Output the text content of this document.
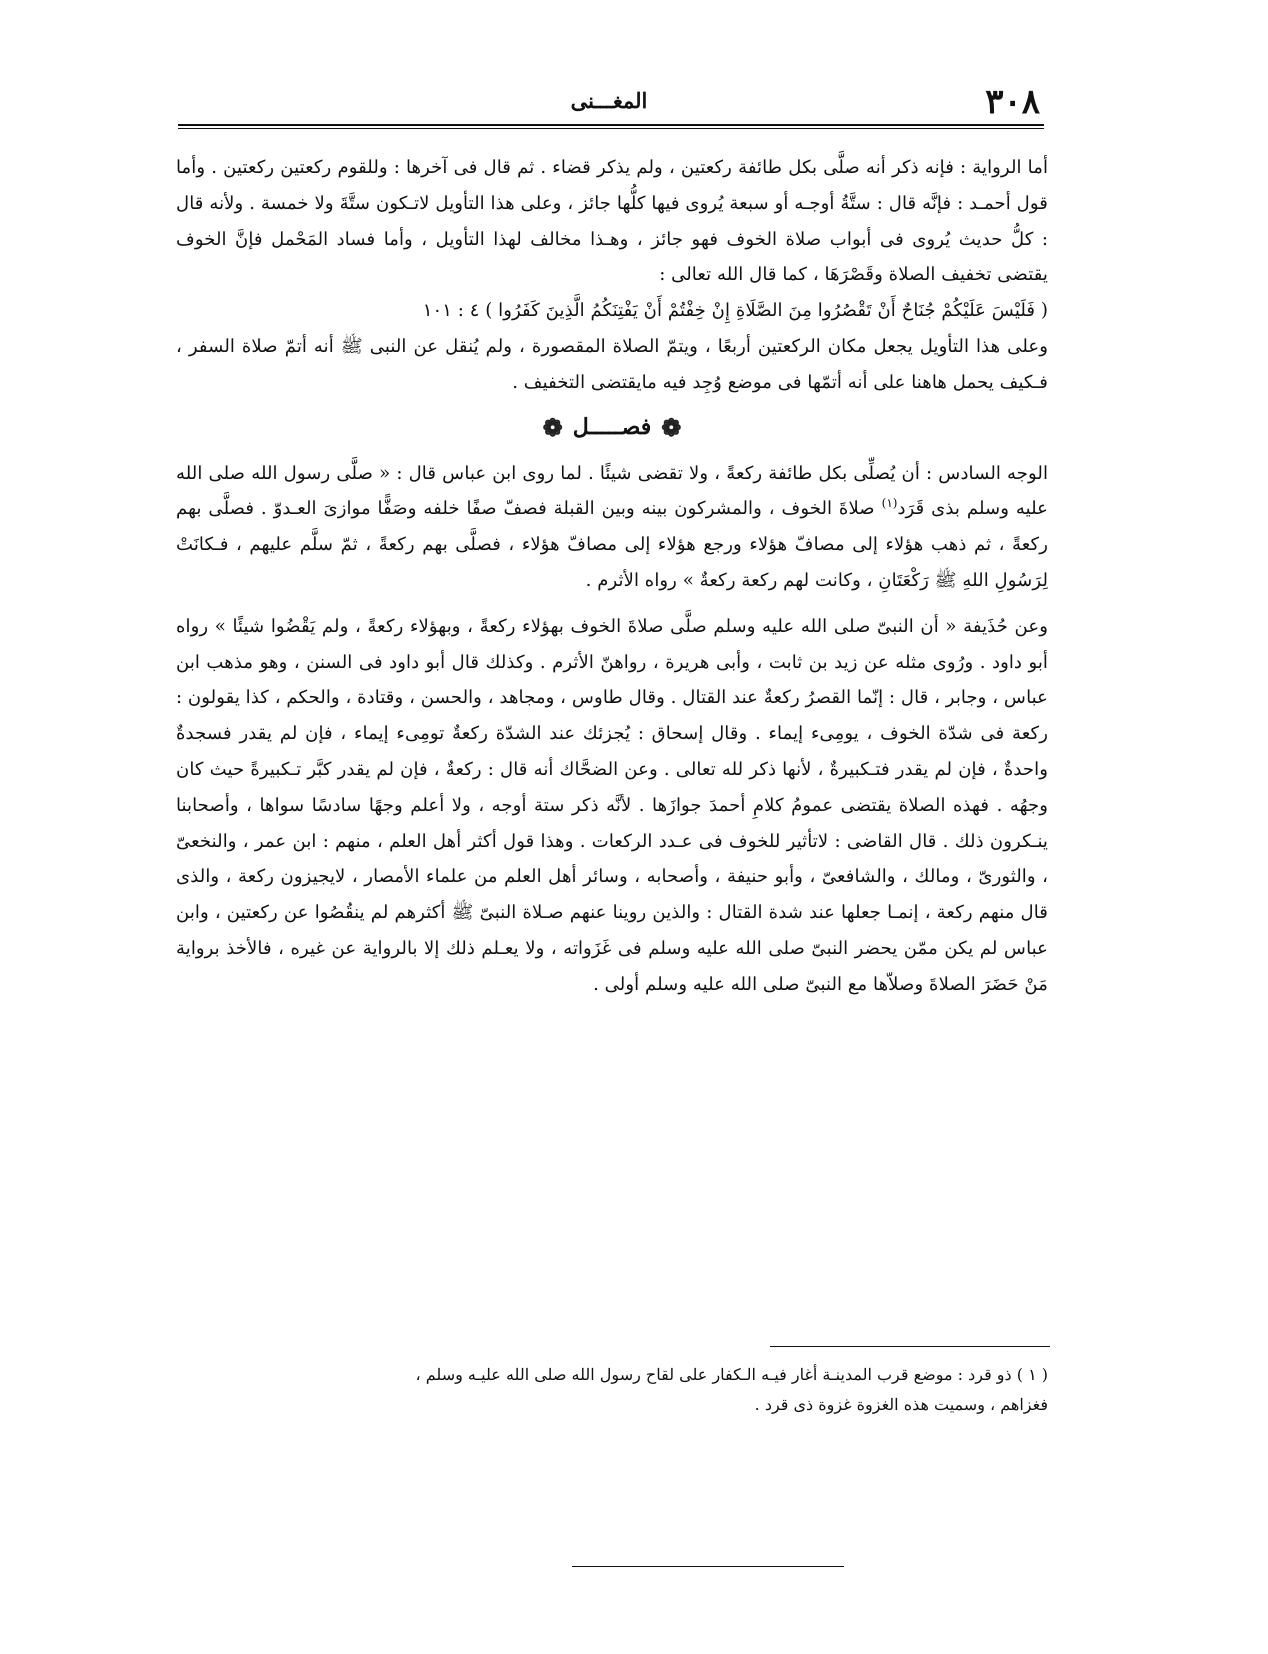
٣٠٨
المغـــنى

أما الرواية : فإنه ذكر أنه صلَّى بكل طائفة ركعتين ، ولم يذكر قضاء . ثم قال فى آخرها : وللقوم ركعتين ركعتين . وأما قول أحمـد : فإنَّه قال : ستَّةُ أوجـه أو سبعة يُروى فيها كلُّها جائز ، وعلى هذا التأويل لاتـكون ستَّةَ ولا خمسة . ولأنه قال : كلُّ حديث يُروى فى أبواب صلاة الخوف فهو جائز ، وهـذا مخالف لهذا التأويل ، وأما فساد المَحْمل فإنَّ الخوف يقتضى تخفيف الصلاة وقَصْرَهَا ، كما قال الله تعالى :
( فَلَيْسَ عَلَيْكُمْ جُنَاحٌ أَنْ تَقْصُرُوا مِنَ الصَّلَاةِ إِنْ خِفْتُمْ أَنْ يَفْتِنَكُمُ الَّذِينَ كَفَرُوا ) ٤ : ١٠١
وعلى هذا التأويل يجعل مكان الركعتين أربعًا ، ويتمّ الصلاة المقصورة ، ولم يُنقل عن النبى ﷺ أنه أتمّ صلاة السفر ، فـكيف يحمل هاهنا على أنه أتمّها فى موضع وُجِد فيه مايقتضى التخفيف .

❁فصـــــل❁

الوجه السادس : أن يُصلِّى بكل طائفة ركعةً ، ولا تقضى شيئًا . لما روى ابن عباس قال : « صلَّى رسول الله صلى الله عليه وسلم بذى قَرَد$^{(١)}$ صلاةَ الخوف ، والمشركون بينه وبين القبلة فصفّ صفًا خلفه وصَفًّا موازىَ العـدوّ . فصلَّى بهم ركعةً ، ثم ذهب هؤلاء إلى مصافّ هؤلاء ورجع هؤلاء إلى مصافّ هؤلاء ، فصلَّى بهم ركعةً ، ثمّ سلَّم عليهم ، فـكانَتْ لِرَسُولِ اللهِ ﷺ رَكْعَتَانِ ، وكانت لهم ركعة ركعةٌ » رواه الأثرم .

وعن حُذَيفة « أن النبىّ صلى الله عليه وسلم صلَّى صلاةَ الخوف بهؤلاء ركعةً ، وبهؤلاء ركعةً ، ولم يَقْضُوا شيئًا » رواه أبو داود . ورُوى مثله عن زيد بن ثابت ، وأبى هريرة ، رواهنّ الأثرم . وكذلك قال أبو داود فى السنن ، وهو مذهب ابن عباس ، وجابر ، قال : إنّما القصرُ ركعةٌ عند القتال . وقال طاوس ، ومجاهد ، والحسن ، وقتادة ، والحكم ، كذا يقولون : ركعة فى شدّة الخوف ، يومِىء إيماء . وقال إسحاق : يُجزئك عند الشدّة ركعةٌ تومِىء إيماء ، فإن لم يقدر فسجدةٌ واحدةٌ ، فإن لم يقدر فتـكبيرةٌ ، لأنها ذكر لله تعالى . وعن الضحَّاك أنه قال : ركعةٌ ، فإن لم يقدر كبَّر تـكبيرةً حيث كان وجهُه . فهذه الصلاة يقتضى عمومُ كلامِ أحمدَ جوازَها . لأنَّه ذكر ستة أوجه ، ولا أعلم وجهًا سادسًا سواها ، وأصحابنا ينـكرون ذلك . قال القاضى : لاتأثير للخوف فى عـدد الركعات . وهذا قول أكثر أهل العلم ، منهم : ابن عمر ، والنخعىّ ، والثورىّ ، ومالك ، والشافعىّ ، وأبو حنيفة ، وأصحابه ، وسائر أهل العلم من علماء الأمصار ، لايجيزون ركعة ، والذى قال منهم ركعة ، إنمـا جعلها عند شدة القتال : والذين روينا عنهم صـلاة النبىّ ﷺ أكثرهم لم ينقُصُوا عن ركعتين ، وابن عباس لم يكن ممّن يحضر النبىّ صلى الله عليه وسلم فى غَزَواته ، ولا يعـلم ذلك إلا بالرواية عن غيره ، فالأخذ برواية مَنْ حَضَرَ الصلاةَ وصلاّها مع النبىّ صلى الله عليه وسلم أولى .

( ١ ) ذو قرد : موضع قرب المدينـة أغار فيـه الـكفار على لقاح رسول الله صلى الله عليـه وسلم ،

فغزاهم ، وسميت هذه الغزوة غزوة ذى قرد .
